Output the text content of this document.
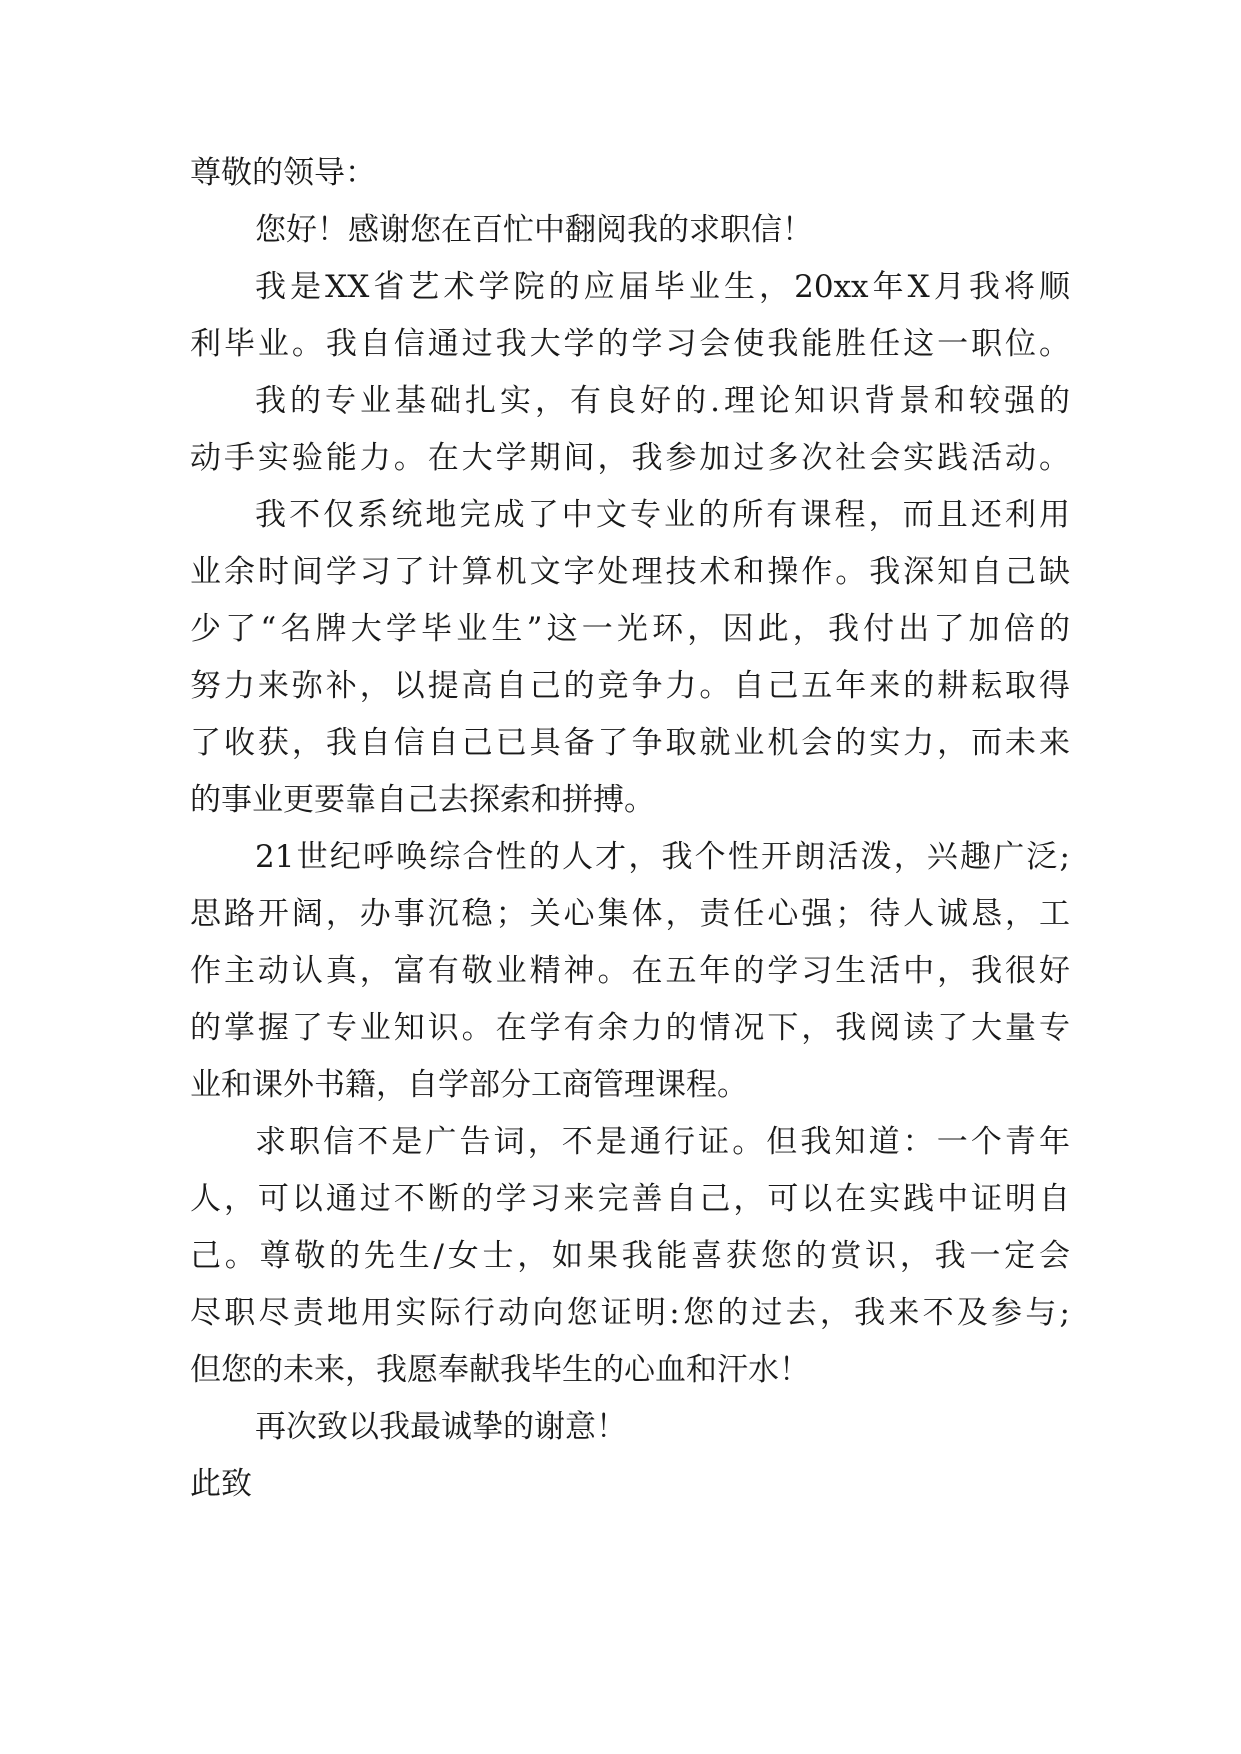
尊敬的领导：
您好！感谢您在百忙中翻阅我的求职信！
我是XX省艺术学院的应届毕业生，20xx年X月我将顺
利毕业。我自信通过我大学的学习会使我能胜任这一职位。
我的专业基础扎实，有良好的.理论知识背景和较强的
动手实验能力。在大学期间，我参加过多次社会实践活动。
我不仅系统地完成了中文专业的所有课程，而且还利用
业余时间学习了计算机文字处理技术和操作。我深知自己缺
少了“名牌大学毕业生”这一光环，因此，我付出了加倍的
努力来弥补，以提高自己的竞争力。自己五年来的耕耘取得
了收获，我自信自己已具备了争取就业机会的实力，而未来
的事业更要靠自己去探索和拼搏。
21世纪呼唤综合性的人才，我个性开朗活泼，兴趣广泛;
思路开阔，办事沉稳；关心集体，责任心强；待人诚恳，工
作主动认真，富有敬业精神。在五年的学习生活中，我很好
的掌握了专业知识。在学有余力的情况下，我阅读了大量专
业和课外书籍，自学部分工商管理课程。
求职信不是广告词，不是通行证。但我知道：一个青年
人，可以通过不断的学习来完善自己，可以在实践中证明自
己。尊敬的先生/女士，如果我能喜获您的赏识，我一定会
尽职尽责地用实际行动向您证明:您的过去，我来不及参与;
但您的未来，我愿奉献我毕生的心血和汗水！
再次致以我最诚挚的谢意！
此致
